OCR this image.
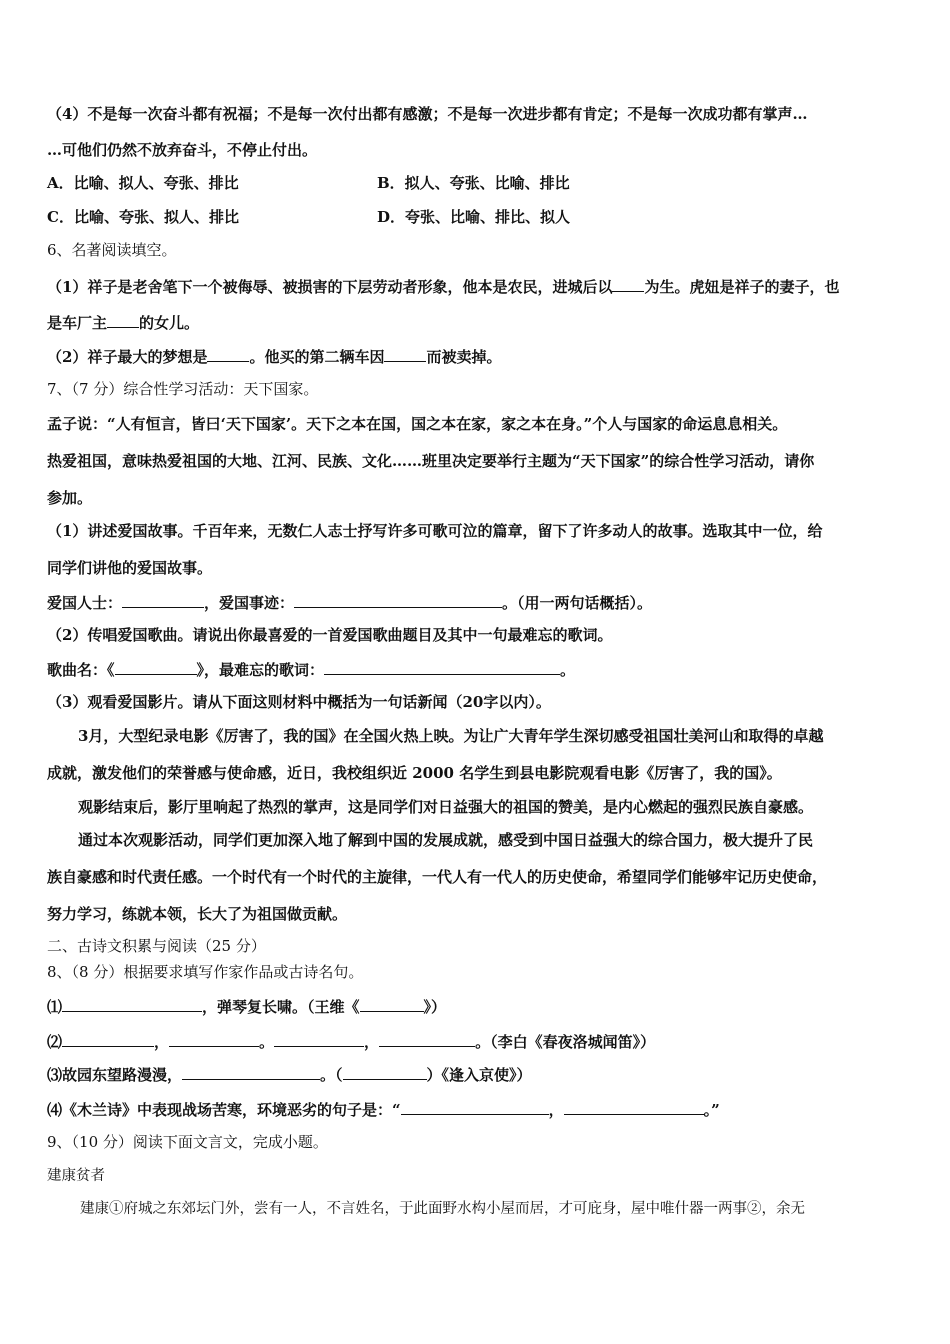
（4）不是每一次奋斗都有祝福；不是每一次付出都有感激；不是每一次进步都有肯定；不是每一次成功都有掌声…
…可他们仍然不放弃奋斗，不停止付出。
A．比喻、拟人、夸张、排比	B．拟人、夸张、比喻、排比
C．比喻、夸张、拟人、排比	D．夸张、比喻、排比、拟人
6、名著阅读填空。
（1）祥子是老舍笔下一个被侮辱、被损害的下层劳动者形象，他本是农民，进城后以 为生。虎妞是祥子的妻子，也
是车厂主 的女儿。
（2）祥子最大的梦想是	。他买的第二辆车因	而被卖掉。
7、（7 分）综合性学习活动：天下国家。
孟子说：“人有恒言，皆曰‘天下国家’。天下之本在国，国之本在家，家之本在身。”个人与国家的命运息息相关。
热爱祖国，意味热爱祖国的大地、江河、民族、文化……班里决定要举行主题为“天下国家”的综合性学习活动，请你
参加。
（1）讲述爱国故事。千百年来，无数仁人志士抒写许多可歌可泣的篇章，留下了许多动人的故事。选取其中一位，给
同学们讲他的爱国故事。
爱国人士：	，爱国事迹：	。（用一两句话概括）。
（2）传唱爱国歌曲。请说出你最喜爱的一首爱国歌曲题目及其中一句最难忘的歌词。
歌曲名：《	》，最难忘的歌词：	。
（3）观看爱国影片。请从下面这则材料中概括为一句话新闻（20字以内）。
3月，大型纪录电影《厉害了，我的国》在全国火热上映。为让广大青年学生深切感受祖国壮美河山和取得的卓越
成就，激发他们的荣誉感与使命感，近日，我校组织近 2000 名学生到县电影院观看电影《厉害了，我的国》。
观影结束后，影厅里响起了热烈的掌声，这是同学们对日益强大的祖国的赞美，是内心燃起的强烈民族自豪感。
通过本次观影活动，同学们更加深入地了解到中国的发展成就，感受到中国日益强大的综合国力，极大提升了民
族自豪感和时代责任感。一个时代有一个时代的主旋律，一代人有一代人的历史使命，希望同学们能够牢记历史使命，
努力学习，练就本领，长大了为祖国做贡献。
二、古诗文积累与阅读（25 分）
8、（8 分）根据要求填写作家作品或古诗名句。
⑴	，弹琴复长啸。（王维《	》）
⑵	，	。	，	。（李白《春夜洛城闻笛》）
⑶故园东望路漫漫，	。（	）《逢入京使》）
⑷《木兰诗》中表现战场苦寒，环境恶劣的句子是：“	，	。”
9、（10 分）阅读下面文言文，完成小题。
建康贫者
建康①府城之东郊坛门外，尝有一人，不言姓名，于此面野水构小屋而居，才可庇身，屋中唯什器一两事②，余无
